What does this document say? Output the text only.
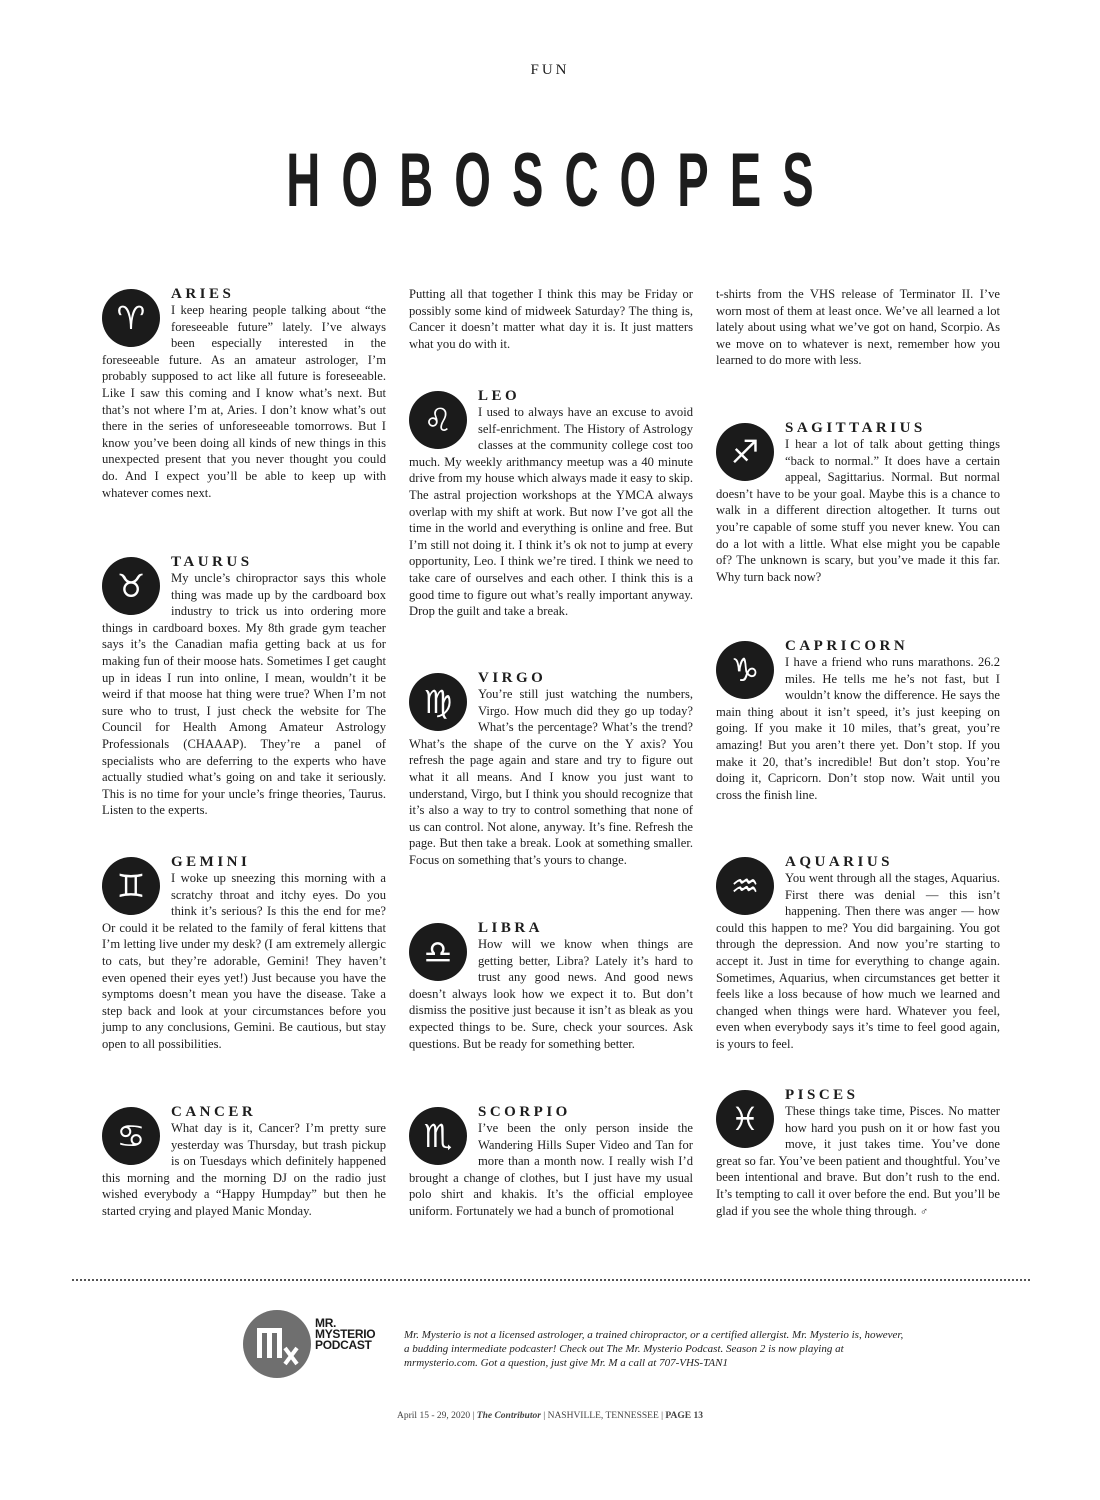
FUN
HOBOSCOPES
♈
ARIES

I keep hearing people talking about “the foreseeable future” lately. I’ve always been especially interested in the foreseeable future. As an amateur astrologer, I’m probably supposed to act like all future is foreseeable. Like I saw this coming and I know what’s next. But that’s not where I’m at, Aries. I don’t know what’s out there in the series of unforeseeable tomorrows. But I know you’ve been doing all kinds of new things in this unexpected present that you never thought you could do. And I expect you’ll be able to keep up with whatever comes next.

♉
TAURUS

My uncle’s chiropractor says this whole thing was made up by the cardboard box industry to trick us into ordering more things in cardboard boxes. My 8th grade gym teacher says it’s the Canadian mafia getting back at us for making fun of their moose hats. Sometimes I get caught up in ideas I run into online, I mean, wouldn’t it be weird if that moose hat thing were true? When I’m not sure who to trust, I just check the website for The Council for Health Among Amateur Astrology Professionals (CHAAAP). They’re a panel of specialists who are deferring to the experts who have actually studied what’s going on and take it seriously. This is no time for your uncle’s fringe theories, Taurus. Listen to the experts.

♊
GEMINI

I woke up sneezing this morning with a scratchy throat and itchy eyes. Do you think it’s serious? Is this the end for me? Or could it be related to the family of feral kittens that I’m letting live under my desk? (I am extremely allergic to cats, but they’re adorable, Gemini! They haven’t even opened their eyes yet!) Just because you have the symptoms doesn’t mean you have the disease. Take a step back and look at your circumstances before you jump to any conclusions, Gemini. Be cautious, but stay open to all possibilities.

♋
CANCER

What day is it, Cancer? I’m pretty sure yesterday was Thursday, but trash pickup is on Tuesdays which definitely happened this morning and the morning DJ on the radio just wished everybody a “Happy Humpday” but then he started crying and played Manic Monday.

Putting all that together I think this may be Friday or possibly some kind of midweek Saturday? The thing is, Cancer it doesn’t matter what day it is. It just matters what you do with it.

♌
LEO

I used to always have an excuse to avoid self-enrichment. The History of Astrology classes at the community college cost too much. My weekly arithmancy meetup was a 40 minute drive from my house which always made it easy to skip. The astral projection workshops at the YMCA always overlap with my shift at work. But now I’ve got all the time in the world and everything is online and free. But I’m still not doing it. I think it’s ok not to jump at every opportunity, Leo. I think we’re tired. I think we need to take care of ourselves and each other. I think this is a good time to figure out what’s really important anyway. Drop the guilt and take a break.

♍
VIRGO

You’re still just watching the numbers, Virgo. How much did they go up today? What’s the percentage? What’s the trend? What’s the shape of the curve on the Y axis? You refresh the page again and stare and try to figure out what it all means. And I know you just want to understand, Virgo, but I think you should recognize that it’s also a way to try to control something that none of us can control. Not alone, anyway. It’s fine. Refresh the page. But then take a break. Look at something smaller. Focus on something that’s yours to change.

♎
LIBRA

How will we know when things are getting better, Libra? Lately it’s hard to trust any good news. And good news doesn’t always look how we expect it to. But don’t dismiss the positive just because it isn’t as bleak as you expected things to be. Sure, check your sources. Ask questions. But be ready for something better.

♏
SCORPIO

I’ve been the only person inside the Wandering Hills Super Video and Tan for more than a month now. I really wish I’d brought a change of clothes, but I just have my usual polo shirt and khakis. It’s the official employee uniform. Fortunately we had a bunch of promotional

t-shirts from the VHS release of Terminator II. I’ve worn most of them at least once. We’ve all learned a lot lately about using what we’ve got on hand, Scorpio. As we move on to whatever is next, remember how you learned to do more with less.

♐
SAGITTARIUS

I hear a lot of talk about getting things “back to normal.” It does have a certain appeal, Sagittarius. Normal. But normal doesn’t have to be your goal. Maybe this is a chance to walk in a different direction altogether. It turns out you’re capable of some stuff you never knew. You can do a lot with a little. What else might you be capable of? The unknown is scary, but you’ve made it this far. Why turn back now?

♑
CAPRICORN

I have a friend who runs marathons. 26.2 miles. He tells me he’s not fast, but I wouldn’t know the difference. He says the main thing about it isn’t speed, it’s just keeping on going. If you make it 10 miles, that’s great, you’re amazing! But you aren’t there yet. Don’t stop. If you make it 20, that’s incredible! But don’t stop. You’re doing it, Capricorn. Don’t stop now. Wait until you cross the finish line.

♒
AQUARIUS

You went through all the stages, Aquarius. First there was denial — this isn’t happening. Then there was anger — how could this happen to me? You did bargaining. You got through the depression. And now you’re starting to accept it. Just in time for everything to change again. Sometimes, Aquarius, when circumstances get better it feels like a loss because of how much we learned and changed when things were hard. Whatever you feel, even when everybody says it’s time to feel good again, is yours to feel.

♓
PISCES

These things take time, Pisces. No matter how hard you push on it or how fast you move, it just takes time. You’ve done great so far. You’ve been patient and thoughtful. You’ve been intentional and brave. But don’t rush to the end. It’s tempting to call it over before the end. But you’ll be glad if you see the whole thing through. ♂

MR. MYSTERIO PODCAST
Mr. Mysterio is not a licensed astrologer, a trained chiropractor, or a certified allergist. Mr. Mysterio is, however, a budding intermediate podcaster! Check out The Mr. Mysterio Podcast. Season 2 is now playing at mrmysterio.com. Got a question, just give Mr. M a call at 707-VHS-TAN1
April 15 - 29, 2020 | The Contributor | NASHVILLE, TENNESSEE | PAGE 13
